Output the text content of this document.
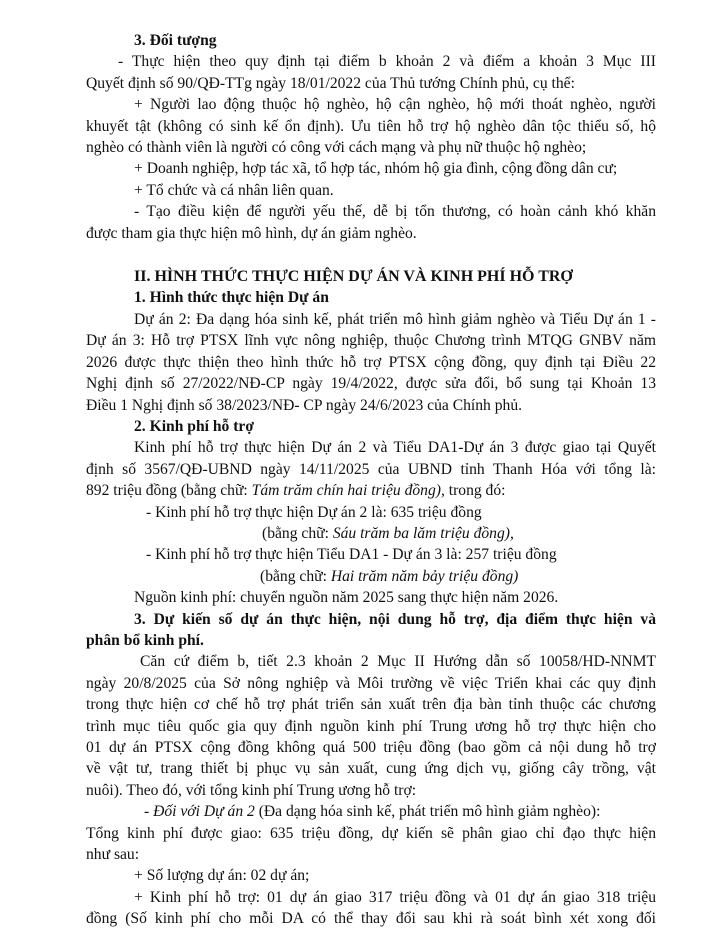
3. Đối tượng
- Thực hiện theo quy định tại điểm b khoản 2 và điểm a khoản 3 Mục III
Quyết định số 90/QĐ-TTg ngày 18/01/2022 của Thủ tướng Chính phủ, cụ thể:
+ Người lao động thuộc hộ nghèo, hộ cận nghèo, hộ mới thoát nghèo, người
khuyết tật (không có sinh kế ổn định). Ưu tiên hỗ trợ hộ nghèo dân tộc thiểu số, hộ
nghèo có thành viên là người có công với cách mạng và phụ nữ thuộc hộ nghèo;
+ Doanh nghiệp, hợp tác xã, tổ hợp tác, nhóm hộ gia đình, cộng đồng dân cư;
+ Tổ chức và cá nhân liên quan.
- Tạo điều kiện để người yếu thế, dễ bị tổn thương, có hoàn cảnh khó khăn
được tham gia thực hiện mô hình, dự án giảm nghèo.
II. HÌNH THỨC THỰC HIỆN DỰ ÁN VÀ KINH PHÍ HỖ TRỢ
1. Hình thức thực hiện Dự án
Dự án 2: Đa dạng hóa sinh kế, phát triển mô hình giảm nghèo và Tiểu Dự án 1 -
Dự án 3: Hỗ trợ PTSX lĩnh vực nông nghiệp, thuộc Chương trình MTQG GNBV năm
2026 được thực thiện theo hình thức hỗ trợ PTSX cộng đồng, quy định tại Điều 22
Nghị định số 27/2022/NĐ-CP ngày 19/4/2022, được sửa đổi, bổ sung tại Khoản 13
Điều 1 Nghị định số 38/2023/NĐ- CP ngày 24/6/2023 của Chính phủ.
2. Kinh phí hỗ trợ
Kinh phí hỗ trợ thực hiện Dự án 2 và Tiểu DA1-Dự án 3 được giao tại Quyết
định số 3567/QĐ-UBND ngày 14/11/2025 của UBND tỉnh Thanh Hóa với tổng là:
892 triệu đồng (bằng chữ: Tám trăm chín hai triệu đồng), trong đó:
- Kinh phí hỗ trợ thực hiện Dự án 2 là: 635 triệu đồng
(bằng chữ: Sáu trăm ba lăm triệu đồng),
- Kinh phí hỗ trợ thực hiện Tiểu DA1 - Dự án 3 là: 257 triệu đồng
(bằng chữ: Hai trăm năm bảy triệu đồng)
Nguồn kinh phí: chuyển nguồn năm 2025 sang thực hiện năm 2026.
3. Dự kiến số dự án thực hiện, nội dung hỗ trợ, địa điểm thực hiện và
phân bổ kinh phí.
Căn cứ điểm b, tiết 2.3 khoản 2 Mục II Hướng dẫn số 10058/HD-NNMT
ngày 20/8/2025 của Sở nông nghiệp và Môi trường về việc Triển khai các quy định
trong thực hiện cơ chế hỗ trợ phát triển sản xuất trên địa bàn tỉnh thuộc các chương
trình mục tiêu quốc gia quy định nguồn kinh phí Trung ương hỗ trợ thực hiện cho
01 dự án PTSX cộng đồng không quá 500 triệu đồng (bao gồm cả nội dung hỗ trợ
về vật tư, trang thiết bị phục vụ sản xuất, cung ứng dịch vụ, giống cây trồng, vật
nuôi). Theo đó, với tổng kinh phí Trung ương hỗ trợ:
- Đối với Dự án 2 (Đa dạng hóa sinh kế, phát triển mô hình giảm nghèo):
Tổng kinh phí được giao: 635 triệu đồng, dự kiến sẽ phân giao chỉ đạo thực hiện
như sau:
+ Số lượng dự án: 02 dự án;
+ Kinh phí hỗ trợ: 01 dự án giao 317 triệu đồng và 01 dự án giao 318 triệu
đồng (Số kinh phí cho mỗi DA có thể thay đổi sau khi rà soát bình xét xong đối
